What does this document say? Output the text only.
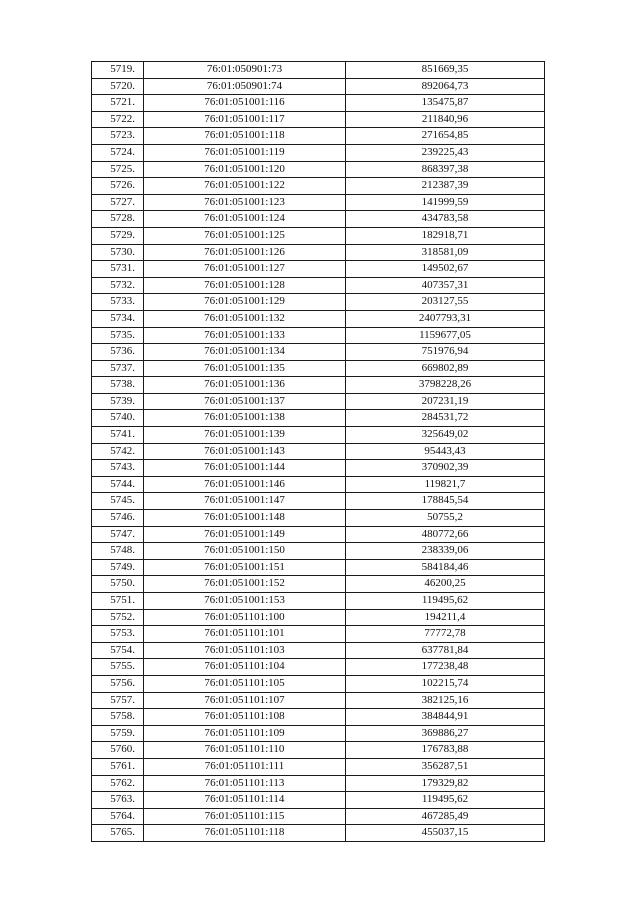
5719.	76:01:050901:73	851669,35
5720.	76:01:050901:74	892064,73
5721.	76:01:051001:116	135475,87
5722.	76:01:051001:117	211840,96
5723.	76:01:051001:118	271654,85
5724.	76:01:051001:119	239225,43
5725.	76:01:051001:120	868397,38
5726.	76:01:051001:122	212387,39
5727.	76:01:051001:123	141999,59
5728.	76:01:051001:124	434783,58
5729.	76:01:051001:125	182918,71
5730.	76:01:051001:126	318581,09
5731.	76:01:051001:127	149502,67
5732.	76:01:051001:128	407357,31
5733.	76:01:051001:129	203127,55
5734.	76:01:051001:132	2407793,31
5735.	76:01:051001:133	1159677,05
5736.	76:01:051001:134	751976,94
5737.	76:01:051001:135	669802,89
5738.	76:01:051001:136	3798228,26
5739.	76:01:051001:137	207231,19
5740.	76:01:051001:138	284531,72
5741.	76:01:051001:139	325649,02
5742.	76:01:051001:143	95443,43
5743.	76:01:051001:144	370902,39
5744.	76:01:051001:146	119821,7
5745.	76:01:051001:147	178845,54
5746.	76:01:051001:148	50755,2
5747.	76:01:051001:149	480772,66
5748.	76:01:051001:150	238339,06
5749.	76:01:051001:151	584184,46
5750.	76:01:051001:152	46200,25
5751.	76:01:051001:153	119495,62
5752.	76:01:051101:100	194211,4
5753.	76:01:051101:101	77772,78
5754.	76:01:051101:103	637781,84
5755.	76:01:051101:104	177238,48
5756.	76:01:051101:105	102215,74
5757.	76:01:051101:107	382125,16
5758.	76:01:051101:108	384844,91
5759.	76:01:051101:109	369886,27
5760.	76:01:051101:110	176783,88
5761.	76:01:051101:111	356287,51
5762.	76:01:051101:113	179329,82
5763.	76:01:051101:114	119495,62
5764.	76:01:051101:115	467285,49
5765.	76:01:051101:118	455037,15
